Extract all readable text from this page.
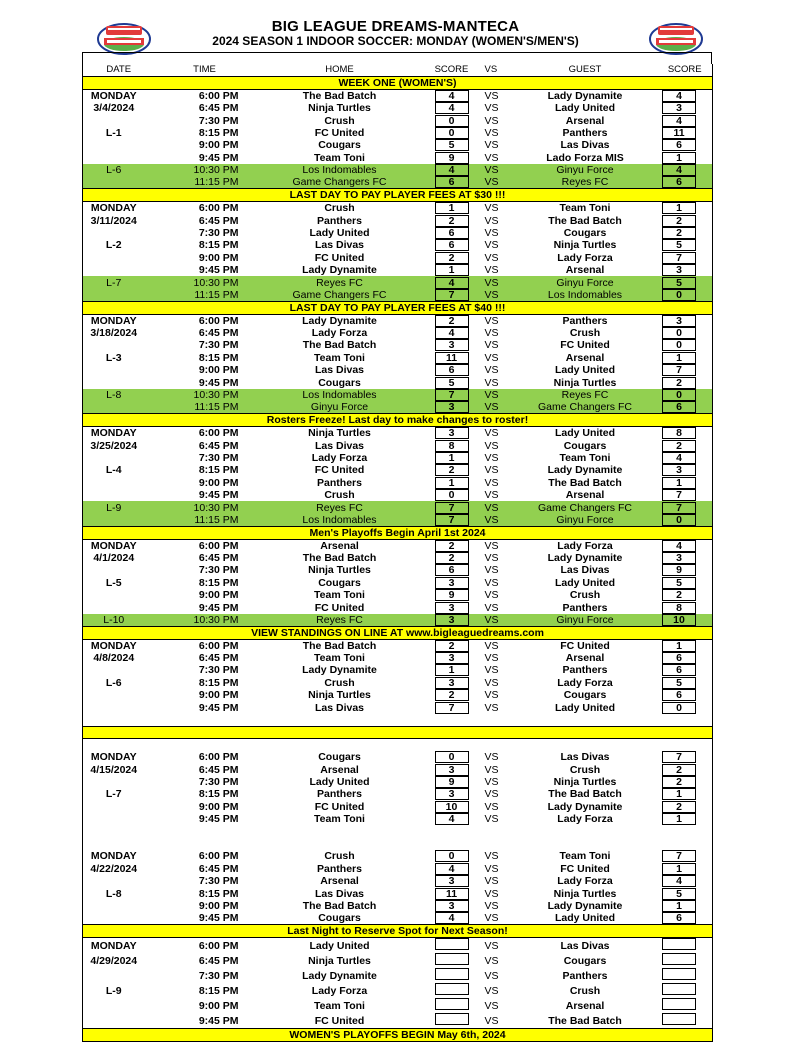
BIG LEAGUE DREAMS-MANTECA
2024 SEASON 1 INDOOR SOCCER: MONDAY (WOMEN'S/MEN'S)
DATE	TIME	HOME	SCORE	VS	GUEST	SCORE
WEEK ONE (WOMEN'S)						
MONDAY	6:00 PM	The Bad Batch	4	VS	Lady Dynamite	4
3/4/2024	6:45 PM	Ninja Turtles	4	VS	Lady United	3
	7:30 PM	Crush	0	VS	Arsenal	4
L-1	8:15 PM	FC United	0	VS	Panthers	11
	9:00 PM	Cougars	5	VS	Las Divas	6
	9:45 PM	Team Toni	9	VS	Lado Forza MIS	1
L-6	10:30 PM	Los Indomables	4	VS	Ginyu Force	4
	11:15 PM	Game Changers FC	6	VS	Reyes FC	6
LAST DAY TO PAY PLAYER FEES AT $30 !!!						
MONDAY	6:00 PM	Crush	1	VS	Team Toni	1
3/11/2024	6:45 PM	Panthers	2	VS	The Bad Batch	2
	7:30 PM	Lady United	6	VS	Cougars	2
L-2	8:15 PM	Las Divas	6	VS	Ninja Turtles	5
	9:00 PM	FC United	2	VS	Lady Forza	7
	9:45 PM	Lady Dynamite	1	VS	Arsenal	3
L-7	10:30 PM	Reyes FC	4	VS	Ginyu Force	5
	11:15 PM	Game Changers FC	7	VS	Los Indomables	0
LAST DAY TO PAY PLAYER FEES AT $40 !!!						
MONDAY	6:00 PM	Lady Dynamite	2	VS	Panthers	3
3/18/2024	6:45 PM	Lady Forza	4	VS	Crush	0
	7:30 PM	The Bad Batch	3	VS	FC United	0
L-3	8:15 PM	Team Toni	11	VS	Arsenal	1
	9:00 PM	Las Divas	6	VS	Lady United	7
	9:45 PM	Cougars	5	VS	Ninja Turtles	2
L-8	10:30 PM	Los Indomables	7	VS	Reyes FC	0
	11:15 PM	Ginyu Force	3	VS	Game Changers FC	6
Rosters Freeze! Last day to make changes to roster!						
MONDAY	6:00 PM	Ninja Turtles	3	VS	Lady United	8
3/25/2024	6:45 PM	Las Divas	8	VS	Cougars	2
	7:30 PM	Lady Forza	1	VS	Team Toni	4
L-4	8:15 PM	FC United	2	VS	Lady Dynamite	3
	9:00 PM	Panthers	1	VS	The Bad Batch	1
	9:45 PM	Crush	0	VS	Arsenal	7
L-9	10:30 PM	Reyes FC	7	VS	Game Changers FC	7
	11:15 PM	Los Indomables	7	VS	Ginyu Force	0
Men's Playoffs Begin April 1st 2024						
MONDAY	6:00 PM	Arsenal	2	VS	Lady Forza	4
4/1/2024	6:45 PM	The Bad Batch	2	VS	Lady Dynamite	3
	7:30 PM	Ninja Turtles	6	VS	Las Divas	9
L-5	8:15 PM	Cougars	3	VS	Lady United	5
	9:00 PM	Team Toni	9	VS	Crush	2
	9:45 PM	FC United	3	VS	Panthers	8
L-10	10:30 PM	Reyes FC	3	VS	Ginyu Force	10
VIEW STANDINGS ON LINE AT www.bigleaguedreams.com						
MONDAY	6:00 PM	The Bad Batch	2	VS	FC United	1
4/8/2024	6:45 PM	Team Toni	3	VS	Arsenal	6
	7:30 PM	Lady Dynamite	1	VS	Panthers	6
L-6	8:15 PM	Crush	3	VS	Lady Forza	5
	9:00 PM	Ninja Turtles	2	VS	Cougars	6
	9:45 PM	Las Divas	7	VS	Lady United	0

MONDAY	6:00 PM	Cougars	0	VS	Las Divas	7
4/15/2024	6:45 PM	Arsenal	3	VS	Crush	2
	7:30 PM	Lady United	9	VS	Ninja Turtles	2
L-7	8:15 PM	Panthers	3	VS	The Bad Batch	1
	9:00 PM	FC United	10	VS	Lady Dynamite	2
	9:45 PM	Team Toni	4	VS	Lady Forza	1

MONDAY	6:00 PM	Crush	0	VS	Team Toni	7
4/22/2024	6:45 PM	Panthers	4	VS	FC United	1
	7:30 PM	Arsenal	3	VS	Lady Forza	4
L-8	8:15 PM	Las Divas	11	VS	Ninja Turtles	5
	9:00 PM	The Bad Batch	3	VS	Lady Dynamite	1
	9:45 PM	Cougars	4	VS	Lady United	6
Last Night to Reserve Spot for Next Season!						
MONDAY	6:00 PM	Lady United		VS	Las Divas	
4/29/2024	6:45 PM	Ninja Turtles		VS	Cougars	
	7:30 PM	Lady Dynamite		VS	Panthers	
L-9	8:15 PM	Lady Forza		VS	Crush	
	9:00 PM	Team Toni		VS	Arsenal	
	9:45 PM	FC United		VS	The Bad Batch	
WOMEN'S PLAYOFFS BEGIN May 6th, 2024						
